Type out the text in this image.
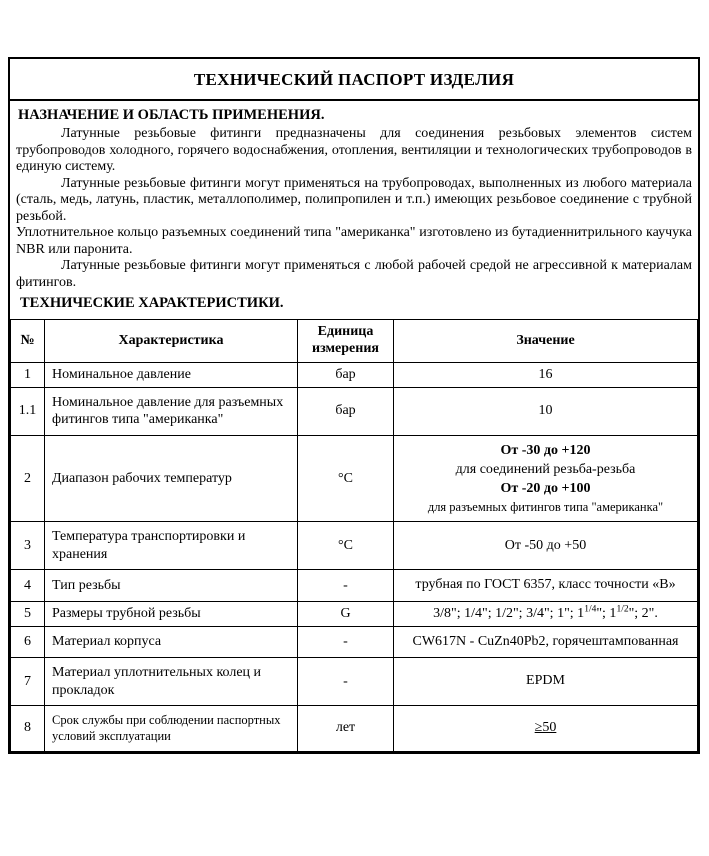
ТЕХНИЧЕСКИЙ ПАСПОРТ ИЗДЕЛИЯ
НАЗНАЧЕНИЕ И ОБЛАСТЬ ПРИМЕНЕНИЯ.

Латунные резьбовые фитинги предназначены для соединения резьбовых элементов систем трубопроводов холодного, горячего водоснабжения, отопления, вентиляции и технологических трубопроводов в единую систему.

Латунные резьбовые фитинги могут применяться на трубопроводах, выполненных из любого материала (сталь, медь, латунь, пластик, металлополимер, полипропилен и т.п.) имеющих резьбовое соединение с трубной резьбой.

Уплотнительное кольцо разъемных соединений типа "американка" изготовлено из бутадиеннитрильного каучука NBR или паронита.

Латунные резьбовые фитинги могут применяться с любой рабочей средой не агрессивной к материалам фитингов.

ТЕХНИЧЕСКИЕ ХАРАКТЕРИСТИКИ.
№	Характеристика	Единица измерения	Значение
1	Номинальное давление	бар	16
1.1	Номинальное давление для разъемных фитингов типа "американка"	бар	10
2	Диапазон рабочих температур	°С	От -30 до +120
для соединений резьба-резьба
От -20 до +100
для разъемных фитингов типа "американка"

3	Температура транспортировки и хранения	°С	От -50 до +50
4	Тип резьбы	-	трубная по ГОСТ 6357, класс точности «В»
5	Размеры трубной резьбы	G	3/8"; 1/4"; 1/2"; 3/4"; 1"; $1^{1/4}$"; $1^{1/2}$"; 2".
6	Материал корпуса	-	CW617N - CuZn40Pb2, горячештампованная
7	Материал уплотнительных колец и прокладок	-	EPDM
8	Срок службы при соблюдении паспортных условий эксплуатации	лет	≥50
